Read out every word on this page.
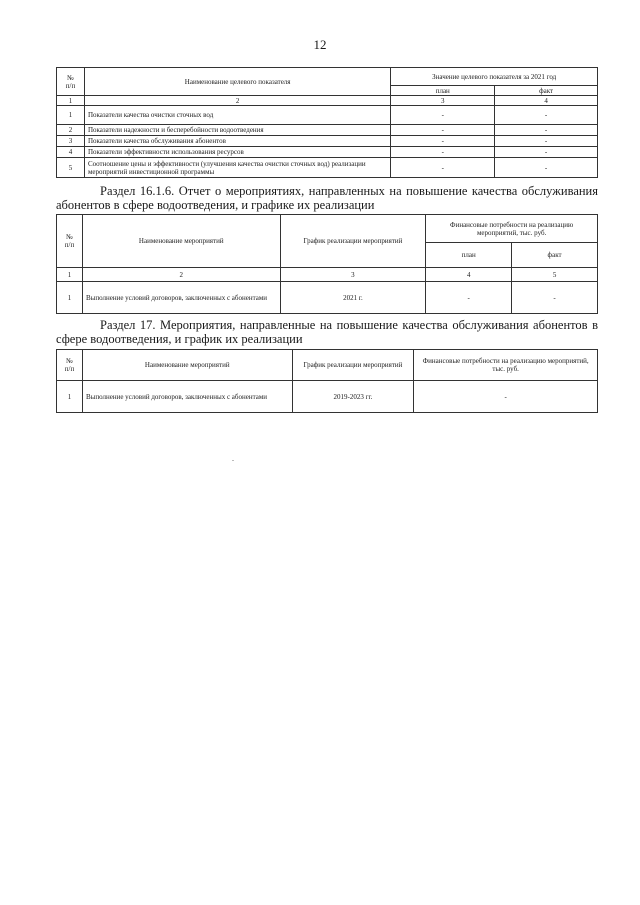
12
№
п/п	Наименование целевого показателя	Значение целевого показателя за 2021 год	
		план	факт
1	2	3	4
1	Показатели качества очистки сточных вод	-	-
2	Показатели надежности и бесперебойности водоотведения	-	-
3	Показатели качества обслуживания абонентов	-	-
4	Показатели эффективности использования ресурсов	-	-
5	Соотношение цены и эффективности (улучшения качества очистки сточных вод) реализации мероприятий инвестиционной программы	-	-
Раздел 16.1.6. Отчет о мероприятиях, направленных на повышение качества обслуживания абонентов в сфере водоотведения, и графике их реализации
№
п/п	Наименование мероприятий	График реализации мероприятий	Финансовые потребности на реализацию мероприятий, тыс. руб.	
			план	факт
1	2	3	4	5
1	Выполнение условий договоров, заключенных с абонентами	2021 г.	-	-
Раздел 17. Мероприятия, направленные на повышение качества обслуживания абонентов в сфере водоотведения, и график их реализации
№
п/п	Наименование мероприятий	График реализации мероприятий	Финансовые потребности на реализацию мероприятий, тыс. руб.
1	Выполнение условий договоров, заключенных с абонентами	2019-2023 гг.	-
